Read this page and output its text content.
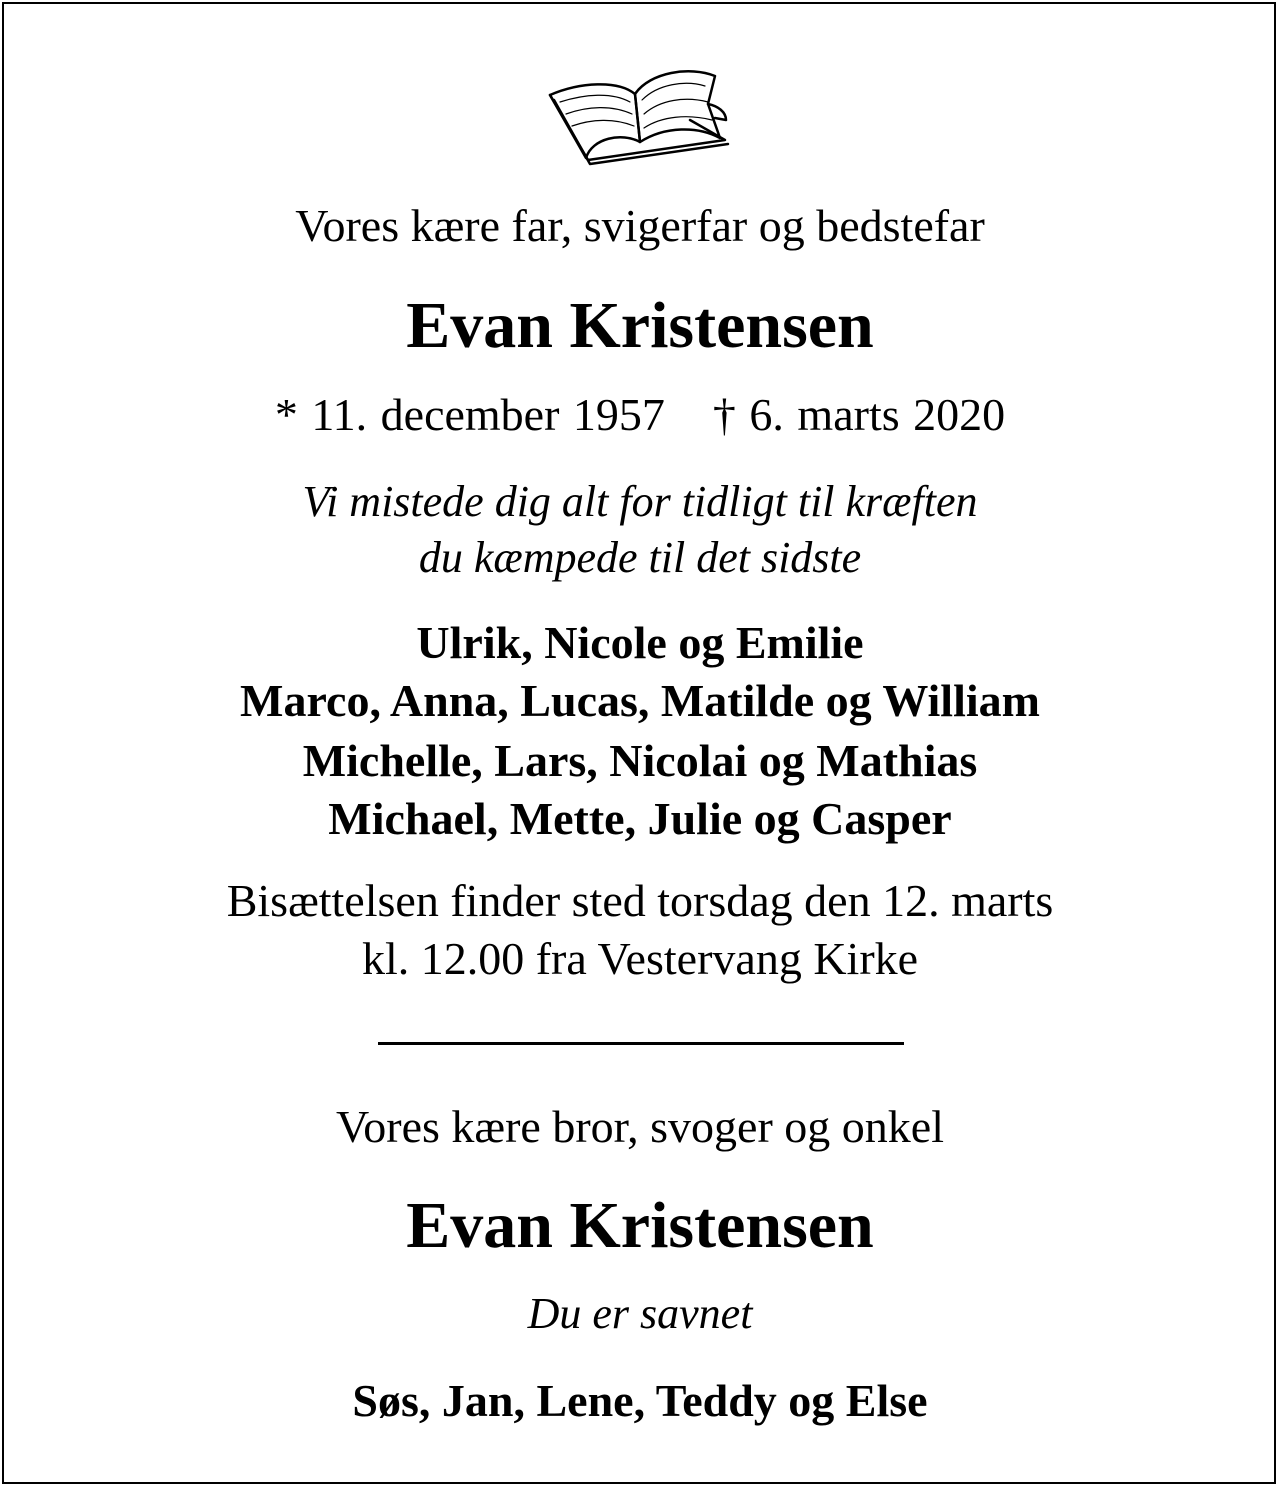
Vores kære far, svigerfar og bedstefar

Evan Kristensen

* 11. december 1957 † 6. marts 2020

Vi mistede dig alt for tidligt til kræften

du kæmpede til det sidste

Ulrik, Nicole og Emilie

Marco, Anna, Lucas, Matilde og William

Michelle, Lars, Nicolai og Mathias

Michael, Mette, Julie og Casper

Bisættelsen finder sted torsdag den 12. marts

kl. 12.00 fra Vestervang Kirke

Vores kære bror, svoger og onkel

Evan Kristensen

Du er savnet

Søs, Jan, Lene, Teddy og Else
